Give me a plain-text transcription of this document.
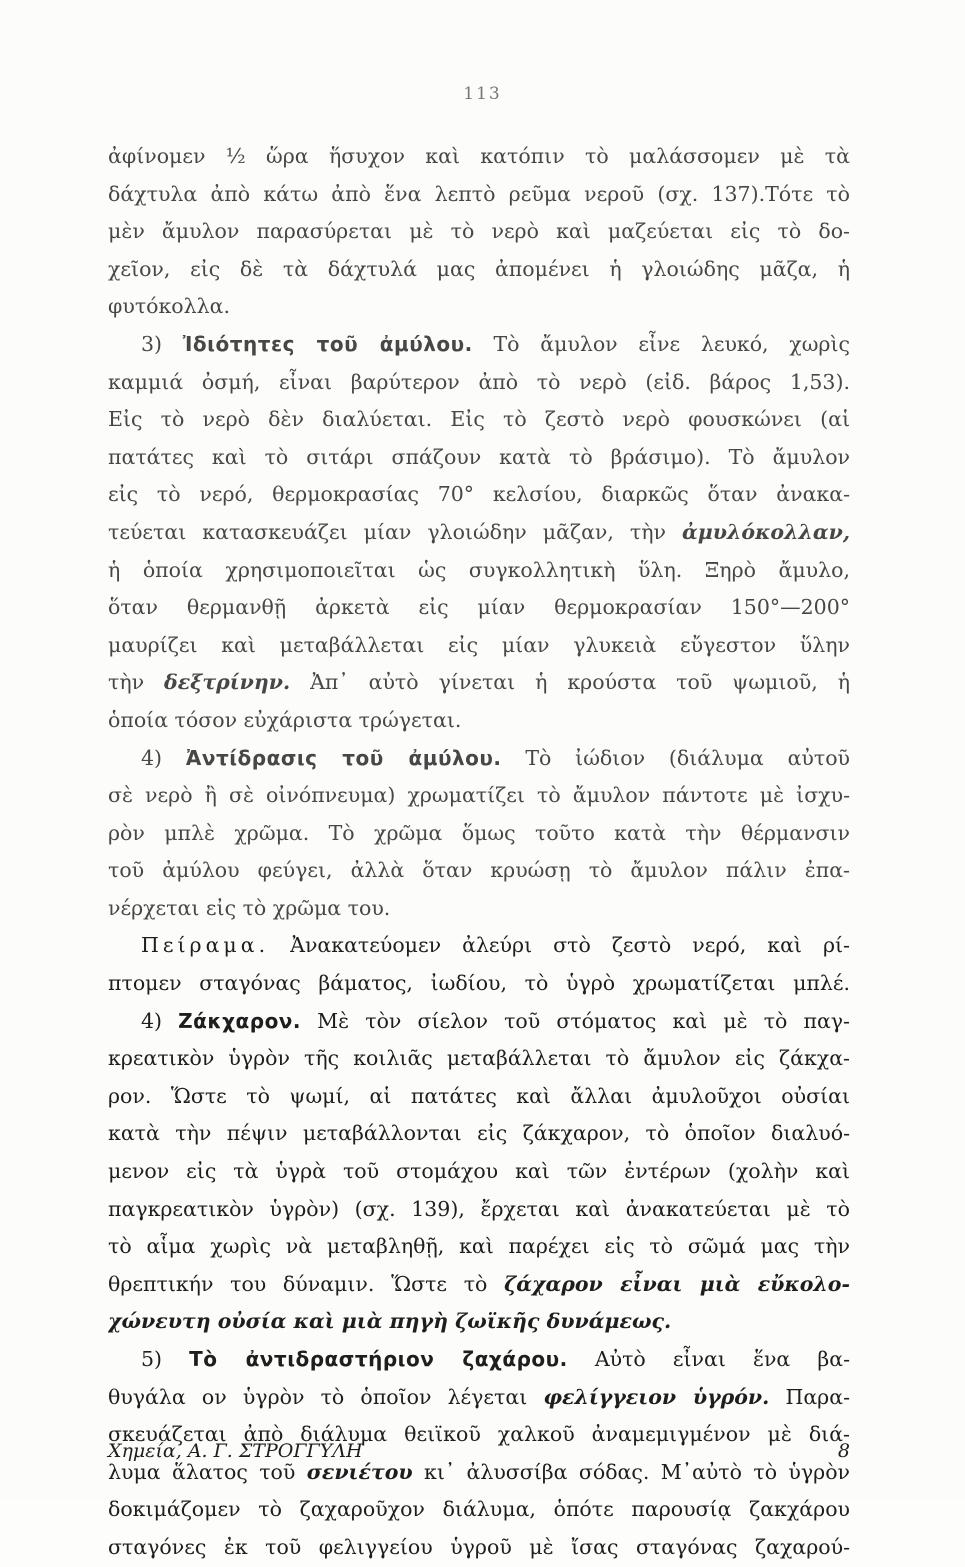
113
ἀφίνομεν ½ ὥρα ἥσυχον καὶ κατόπιν τὸ μαλάσσομεν μὲ τὰ
δάχτυλα ἀπὸ κάτω ἀπὸ ἕνα λεπτὸ ρεῦμα νεροῦ (σχ. 137).Τότε τὸ
μὲν ἄμυλον παρασύρεται μὲ τὸ νερὸ καὶ μαζεύεται εἰς τὸ δο-
χεῖον, εἰς δὲ τὰ δάχτυλά μας ἀπομένει ἡ γλοιώδης μᾶζα, ἡ
φυτόκολλα.
3) Ἰδιότητες τοῦ ἀμύλου. Τὸ ἄμυλον εἶνε λευκό, χωρὶς
καμμιά ὀσμή, εἶναι βαρύτερον ἀπὸ τὸ νερὸ (εἰδ. βάρος 1,53).
Εἰς τὸ νερὸ δὲν διαλύεται. Εἰς τὸ ζεστὸ νερὸ φουσκώνει (αἱ
πατάτες καὶ τὸ σιτάρι σπάζουν κατὰ τὸ βράσιμο). Τὸ ἄμυλον
εἰς τὸ νερό, θερμοκρασίας 70° κελσίου, διαρκῶς ὅταν ἀνακα-
τεύεται κατασκευάζει μίαν γλοιώδην μᾶζαν, τὴν ἀμυλόκολλαν,
ἡ ὁποία χρησιμοποιεῖται ὡς συγκολλητικὴ ὕλη. Ξηρὸ ἄμυλο,
ὅταν θερμανθῇ ἀρκετὰ εἰς μίαν θερμοκρασίαν 150°—200°
μαυρίζει καὶ μεταβάλλεται εἰς μίαν γλυκειὰ εὔγεστον ὕλην
τὴν δεξτρίνην. Ἀπ᾽ αὐτὸ γίνεται ἡ κρούστα τοῦ ψωμιοῦ, ἡ
ὁποία τόσον εὐχάριστα τρώγεται.
4) Ἀντίδρασις τοῦ ἀμύλου. Τὸ ἰώδιον (διάλυμα αὐτοῦ
σὲ νερὸ ἢ σὲ οἰνόπνευμα) χρωματίζει τὸ ἄμυλον πάντοτε μὲ ἰσχυ-
ρὸν μπλὲ χρῶμα. Τὸ χρῶμα ὅμως τοῦτο κατὰ τὴν θέρμανσιν
τοῦ ἀμύλου φεύγει, ἀλλὰ ὅταν κρυώσῃ τὸ ἄμυλον πάλιν ἐπα-
νέρχεται εἰς τὸ χρῶμα του.
Πείραμα. Ἀνακατεύομεν ἀλεύρι στὸ ζεστὸ νερό, καὶ ρί-
πτομεν σταγόνας βάματος, ἰωδίου, τὸ ὑγρὸ χρωματίζεται μπλέ.
4) Ζάκχαρον. Μὲ τὸν σίελον τοῦ στόματος καὶ μὲ τὸ παγ-
κρεατικὸν ὑγρὸν τῆς κοιλιᾶς μεταβάλλεται τὸ ἄμυλον εἰς ζάκχα-
ρον. Ὥστε τὸ ψωμί, αἱ πατάτες καὶ ἄλλαι ἀμυλοῦχοι οὐσίαι
κατὰ τὴν πέψιν μεταβάλλονται εἰς ζάκχαρον, τὸ ὁποῖον διαλυό-
μενον εἰς τὰ ὑγρὰ τοῦ στομάχου καὶ τῶν ἐντέρων (χολὴν καὶ
παγκρεατικὸν ὑγρὸν) (σχ. 139), ἔρχεται καὶ ἀνακατεύεται μὲ τὸ
τὸ αἷμα χωρὶς νὰ μεταβληθῇ, καὶ παρέχει εἰς τὸ σῶμά μας τὴν
θρεπτικήν του δύναμιν. Ὥστε τὸ ζάχαρον εἶναι μιὰ εὔκολο-
χώνευτη οὐσία καὶ μιὰ πηγὴ ζωϊκῆς δυνάμεως.
5) Τὸ ἀντιδραστήριον ζαχάρου. Αὐτὸ εἶναι ἕνα βα-
θυγάλα ον ὑγρὸν τὸ ὁποῖον λέγεται φελίγγειον ὑγρόν. Παρα-
σκευάζεται ἀπὸ διάλυμα θειϊκοῦ χαλκοῦ ἀναμεμιγμένον μὲ διά-
λυμα ἅλατος τοῦ σενιέτου κι᾽ ἀλυσσίβα σόδας. Μ᾽αὐτὸ τὸ ὑγρὸν
δοκιμάζομεν τὸ ζαχαροῦχον διάλυμα, ὁπότε παρουσίᾳ ζακχάρου
σταγόνες ἐκ τοῦ φελιγγείου ὑγροῦ μὲ ἴσας σταγόνας ζαχαρού-
Χημεία, Α. Γ. ΣΤΡΟΓΓΥΛΗ	8
